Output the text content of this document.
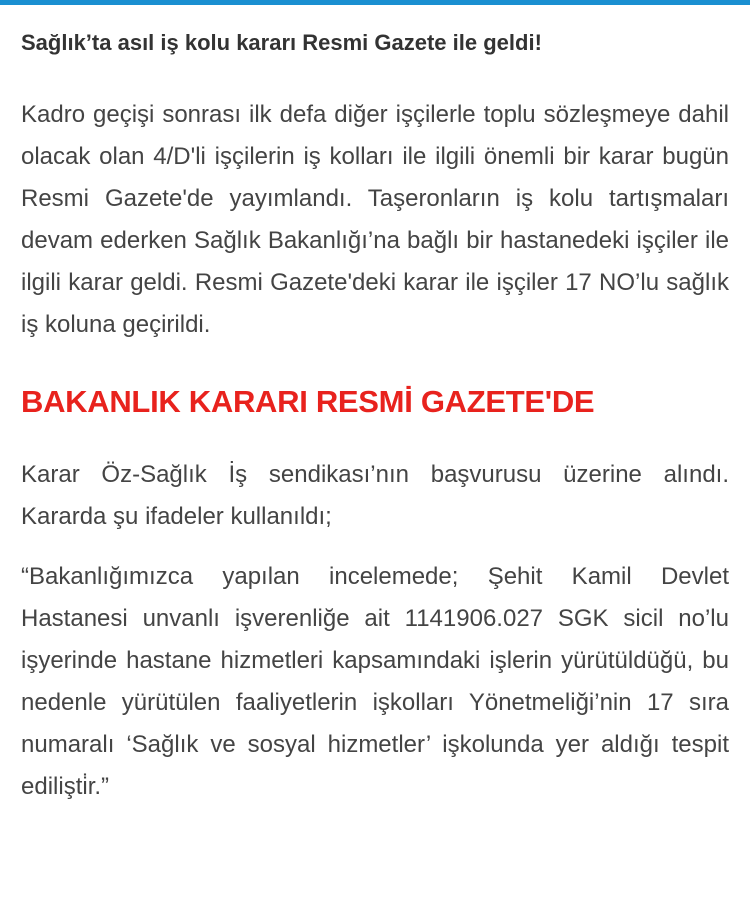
Sağlık’ta asıl iş kolu kararı Resmi Gazete ile geldi!

Kadro geçişi sonrası ilk defa diğer işçilerle toplu sözleşmeye dahil olacak olan 4/D'li işçilerin iş kolları ile ilgili önemli bir karar bugün Resmi Gazete'de yayımlandı. Taşeronların iş kolu tartışmaları devam ederken Sağlık Bakanlığı’na bağlı bir hastanedeki işçiler ile ilgili karar geldi. Resmi Gazete'deki karar ile işçiler 17 NO’lu sağlık iş koluna geçirildi.

BAKANLIK KARARI RESMİ GAZETE'DE

Karar Öz-Sağlık İş sendikası’nın başvurusu üzerine alındı. Kararda şu ifadeler kullanıldı;

“Bakanlığımızca yapılan incelemede; Şehit Kamil Devlet Hastanesi unvanlı işverenliğe ait 1141906.027 SGK sicil no’lu işyerinde hastane hizmetleri kapsamındaki işlerin yürütüldüğü, bu nedenle yürütülen faaliyetlerin işkolları Yönetmeliği’nin 17 sıra numaralı ‘Sağlık ve sosyal hizmetler’ işkolunda yer aldığı tespit edilişti̇r.”
